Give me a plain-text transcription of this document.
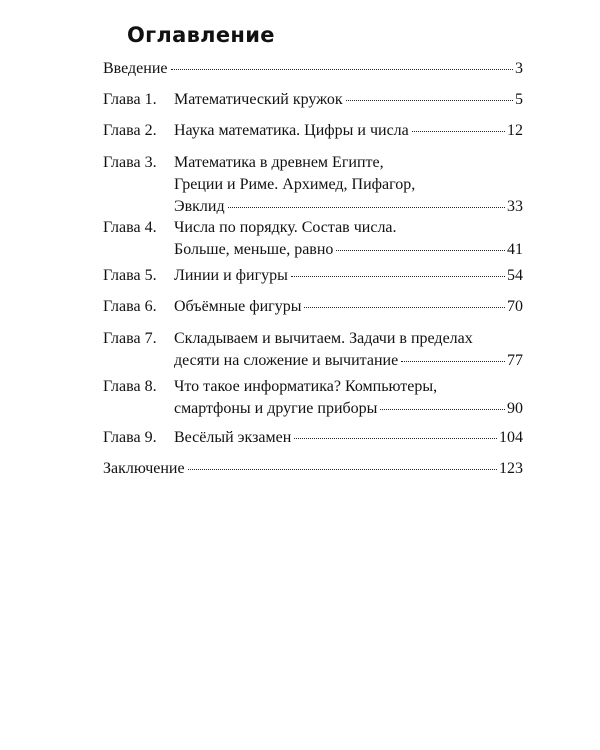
Оглавление
Введение	3
Глава 1.	Математический кружок	5
Глава 2.	Наука математика. Цифры и числа	12
Глава 3.	Математика в древнем Египте,
Греции и Риме. Архимед, Пифагор,
Эвклид	33
Глава 4.	Числа по порядку. Состав числа.
Больше, меньше, равно	41
Глава 5.	Линии и фигуры	54
Глава 6.	Объёмные фигуры	70
Глава 7.	Складываем и вычитаем. Задачи в пределах
десяти на сложение и вычитание	77
Глава 8.	Что такое информатика? Компьютеры,
смартфоны и другие приборы	90
Глава 9.	Весёлый экзамен	104
Заключение	123
